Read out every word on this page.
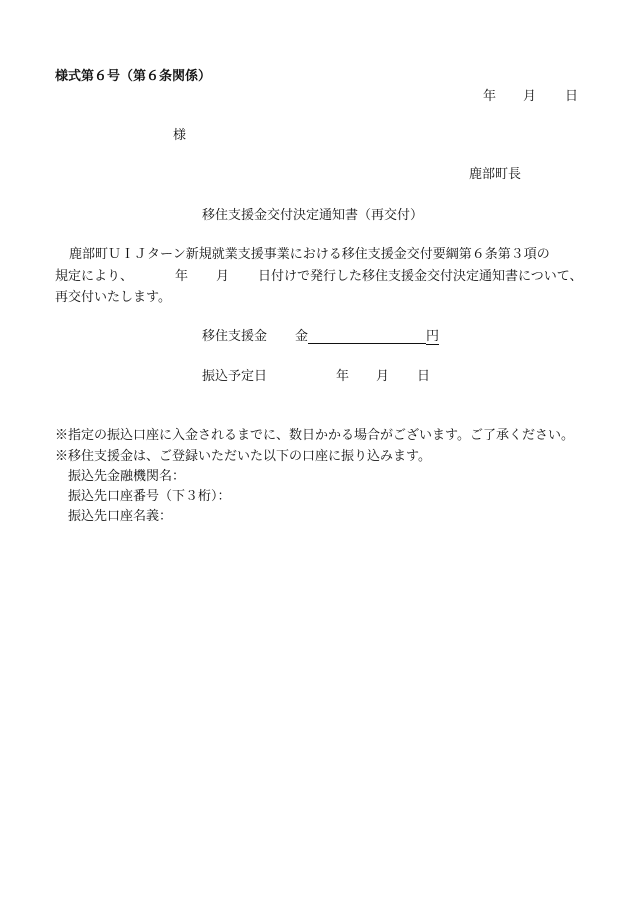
様式第６号（第６条関係）
年 月 日
様
鹿部町長
移住支援金交付決定通知書（再交付）
鹿部町ＵＩＪターン新規就業支援事業における移住支援金交付要綱第６条第３項の
規定により、	年 月 日付けで発行した移住支援金交付決定通知書について、
再交付いたします。
移住支援金 金	円
振込予定日	年 月 日
※指定の振込口座に入金されるまでに、数日かかる場合がございます。ご了承ください。
※移住支援金は、ご登録いただいた以下の口座に振り込みます。
振込先金融機関名：
振込先口座番号（下３桁）：
振込先口座名義：
